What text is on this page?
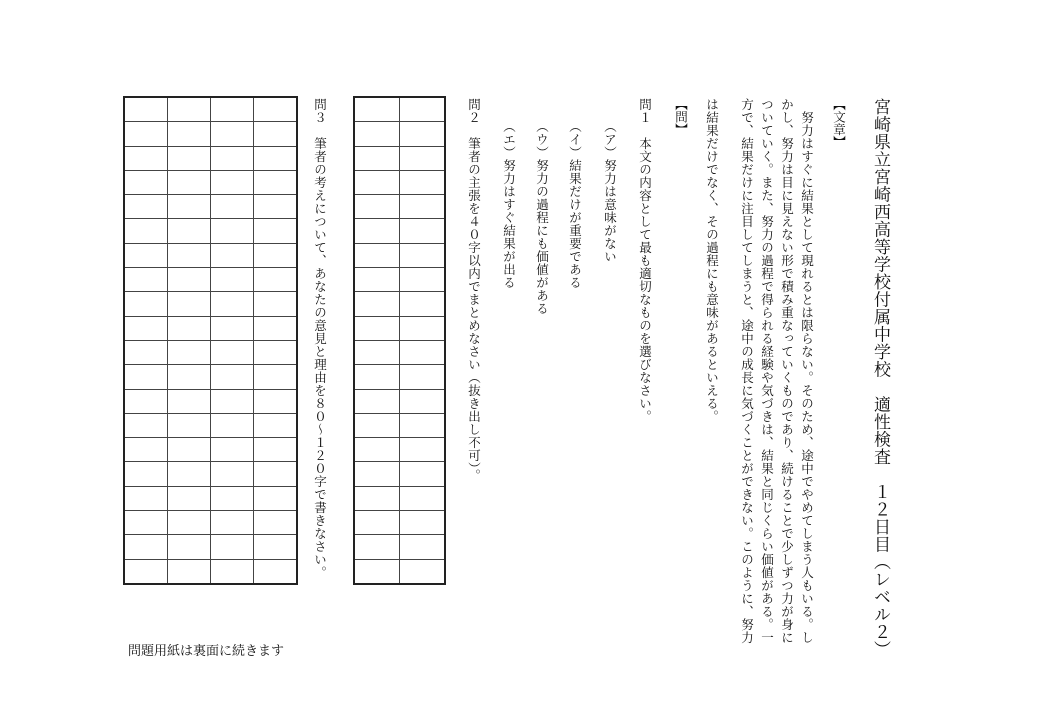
宮崎県立宮崎西高等学校付属中学校　適性検査　１２日目（レベル２）
【文章】
　努力はすぐに結果として現れるとは限らない。そのため、途中でやめてしまう人もいる。し
かし、努力は目に見えない形で積み重なっていくものであり、続けることで少しずつ力が身に
ついていく。また、努力の過程で得られる経験や気づきは、結果と同じくらい価値がある。一
方で、結果だけに注目してしまうと、途中の成長に気づくことができない。このように、努力
は結果だけでなく、その過程にも意味があるといえる。
【問】
問１　本文の内容として最も適切なものを選びなさい。
（ア）努力は意味がない
（イ）結果だけが重要である
（ウ）努力の過程にも価値がある
（エ）努力はすぐ結果が出る
問２　筆者の主張を４０字以内でまとめなさい（抜き出し不可）。

問３　筆者の考えについて、あなたの意見と理由を８０～１２０字で書きなさい。

問題用紙は裏面に続きます
